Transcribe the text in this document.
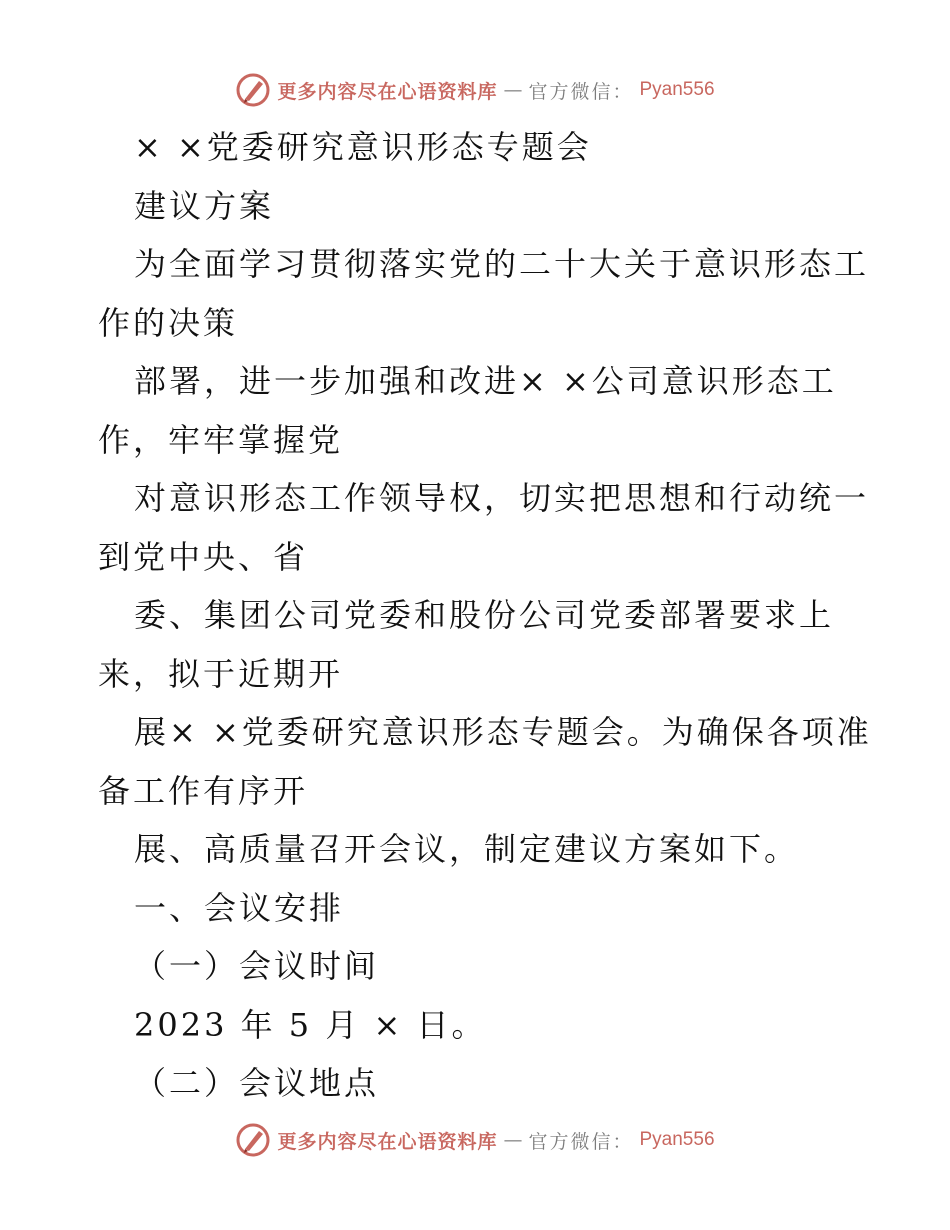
更多内容尽在心语资料库 — 官方微信： Pyan556
× ×党委研究意识形态专题会
建议方案
为全面学习贯彻落实党的二十大关于意识形态工
作的决策
部署，进一步加强和改进× ×公司意识形态工
作，牢牢掌握党
对意识形态工作领导权，切实把思想和行动统一
到党中央、省
委、集团公司党委和股份公司党委部署要求上
来，拟于近期开
展× ×党委研究意识形态专题会。为确保各项准
备工作有序开
展、高质量召开会议，制定建议方案如下。
一、会议安排
（一）会议时间
2023 年 5 月 × 日。
（二）会议地点
更多内容尽在心语资料库 — 官方微信： Pyan556
